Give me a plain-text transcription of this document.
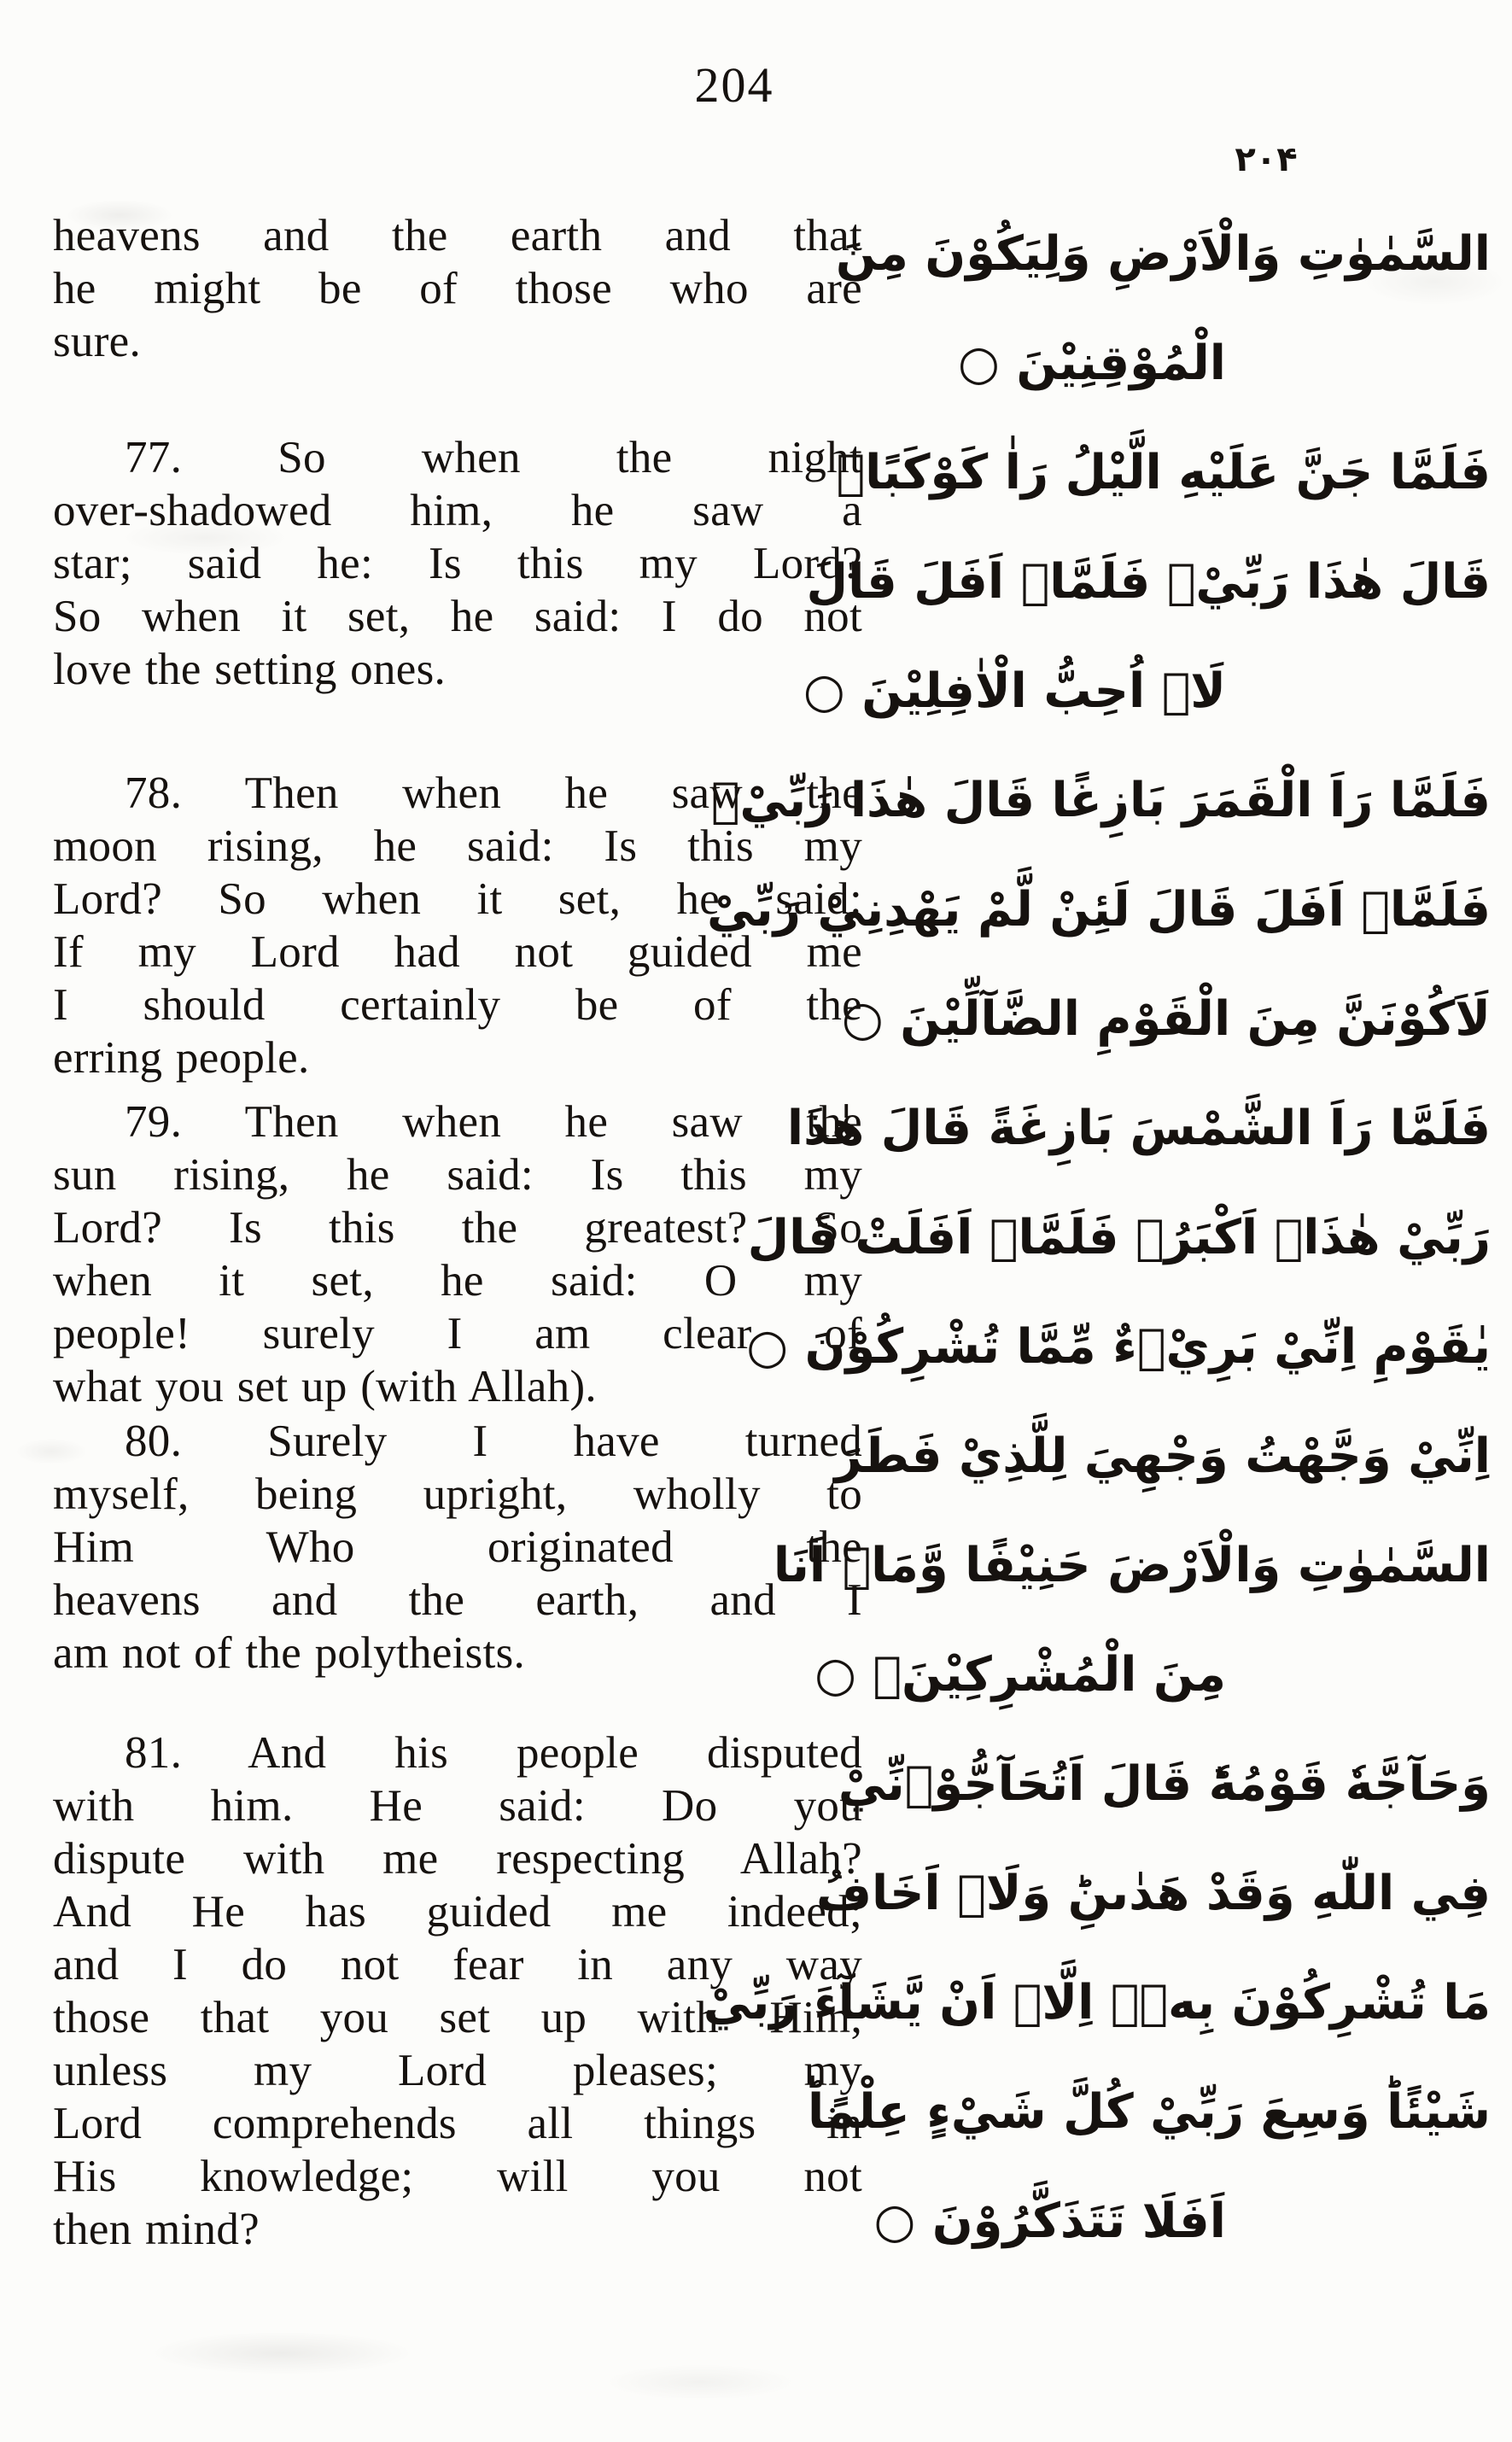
204
۲۰۴
heavens and the earth and that
he might be of those who are
sure.
77. So when the night
over-shadowed him, he saw a
star; said he: Is this my Lord?
So when it set, he said: I do not
love the setting ones.
78. Then when he saw the
moon rising, he said: Is this my
Lord? So when it set, he said:
If my Lord had not guided me
I should certainly be of the
erring people.
79. Then when he saw the
sun rising, he said: Is this my
Lord? Is this the greatest? So
when it set, he said: O my
people! surely I am clear of
what you set up (with Allah).
80. Surely I have turned
myself, being upright, wholly to
Him Who originated the
heavens and the earth, and I
am not of the polytheists.
81. And his people disputed
with him. He said: Do you
dispute with me respecting Allah?
And He has guided me indeed;
and I do not fear in any way
those that you set up with Him,
unless my Lord pleases; my
Lord comprehends all things in
His knowledge; will you not
then mind?
السَّمٰوٰتِ وَالْاَرْضِ وَلِيَكُوْنَ مِنَ
الْمُوْقِنِيْنَ ○
فَلَمَّا جَنَّ عَلَيْهِ الَّيْلُ رَاٰ كَوْكَبًاۚ
قَالَ هٰذَا رَبِّيْۚ فَلَمَّاۤ اَفَلَ قَالَ
لَاۤ اُحِبُّ الْاٰفِلِيْنَ ○
فَلَمَّا رَاَ الْقَمَرَ بَازِغًا قَالَ هٰذَا رَبِّيْۚ
فَلَمَّاۤ اَفَلَ قَالَ لَئِنْ لَّمْ يَهْدِنِيْ رَبِّيْ
لَاَكُوْنَنَّ مِنَ الْقَوْمِ الضَّآلِّيْنَ ○
فَلَمَّا رَاَ الشَّمْسَ بَازِغَةً قَالَ هٰذَا
رَبِّيْ هٰذَاۤ اَكْبَرُۚ فَلَمَّاۤ اَفَلَتْ قَالَ
يٰقَوْمِ اِنِّيْ بَرِيْۤءٌ مِّمَّا تُشْرِكُوْنَ ○
اِنِّيْ وَجَّهْتُ وَجْهِيَ لِلَّذِيْ فَطَرَ
السَّمٰوٰتِ وَالْاَرْضَ حَنِيْفًا وَّمَاۤ اَنَا
مِنَ الْمُشْرِكِيْنَۚ ○
وَحَآجَّهٗ قَوْمُهٗؕ قَالَ اَتُحَآجُّوْۤنِّيْ
فِي اللّٰهِ وَقَدْ هَدٰىنِؕ وَلَاۤ اَخَافُ
مَا تُشْرِكُوْنَ بِهٖۤ اِلَّاۤ اَنْ يَّشَآءَ رَبِّيْ
شَيْئًاؕ وَسِعَ رَبِّيْ كُلَّ شَيْءٍ عِلْمًاؕ
اَفَلَا تَتَذَكَّرُوْنَ ○
